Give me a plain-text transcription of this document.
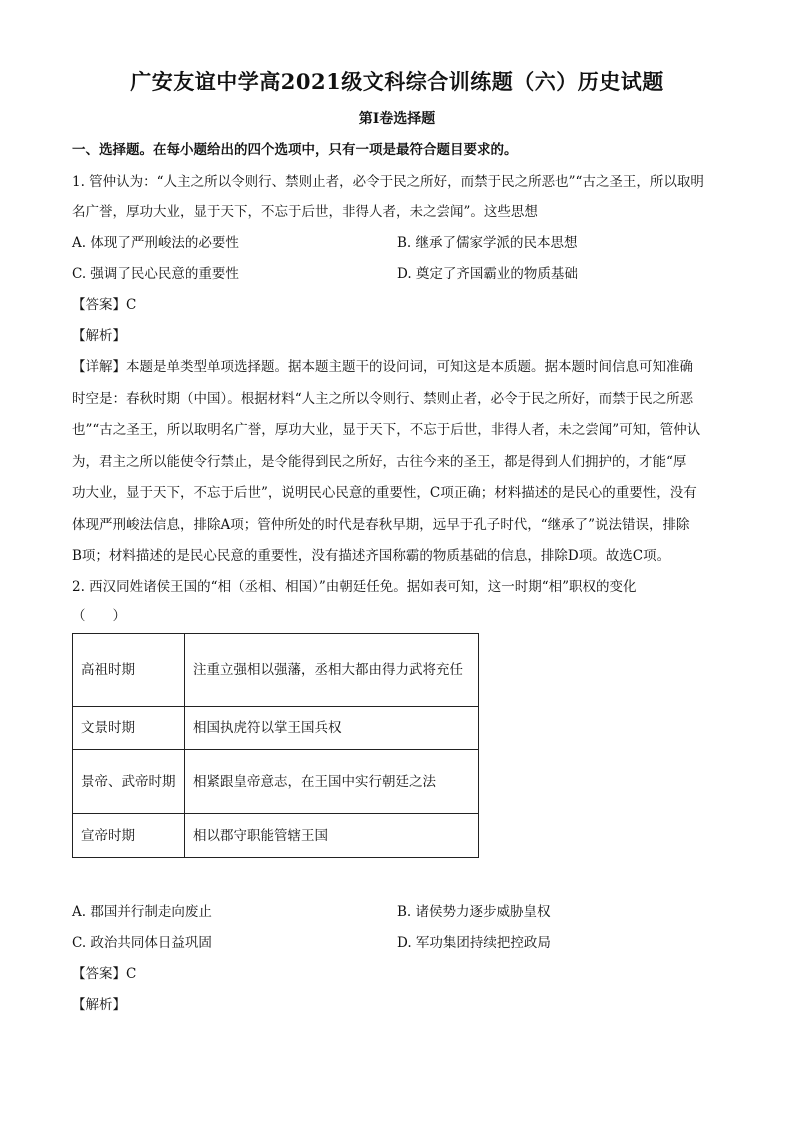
广安友谊中学高2021级文科综合训练题（六）历史试题
第Ⅰ卷选择题
一、选择题。在每小题给出的四个选项中，只有一项是最符合题目要求的。
1. 管仲认为：“人主之所以令则行、禁则止者，必令于民之所好，而禁于民之所恶也”“古之圣王，所以取明
名广誉，厚功大业，显于天下，不忘于后世，非得人者，未之尝闻”。这些思想
A. 体现了严刑峻法的必要性	B. 继承了儒家学派的民本思想
C. 强调了民心民意的重要性	D. 奠定了齐国霸业的物质基础
【答案】C
【解析】
【详解】本题是单类型单项选择题。据本题主题干的设问词，可知这是本质题。据本题时间信息可知准确
时空是：春秋时期（中国）。根据材料“人主之所以令则行、禁则止者，必令于民之所好，而禁于民之所恶
也”“古之圣王，所以取明名广誉，厚功大业，显于天下，不忘于后世，非得人者，未之尝闻”可知，管仲认
为，君主之所以能使令行禁止，是令能得到民之所好，古往今来的圣王，都是得到人们拥护的，才能“厚
功大业，显于天下，不忘于后世”，说明民心民意的重要性，C项正确；材料描述的是民心的重要性，没有
体现严刑峻法信息，排除A项；管仲所处的时代是春秋早期，远早于孔子时代，“继承了”说法错误，排除
B项；材料描述的是民心民意的重要性，没有描述齐国称霸的物质基础的信息，排除D项。故选C项。
2. 西汉同姓诸侯王国的“相（丞相、相国）”由朝廷任免。据如表可知，这一时期“相”职权的变化
（　　）
高祖时期	注重立强相以强藩，丞相大都由得力武将充任
文景时期	相国执虎符以掌王国兵权
景帝、武帝时期	相紧跟皇帝意志，在王国中实行朝廷之法
宣帝时期	相以郡守职能管辖王国
A. 郡国并行制走向废止	B. 诸侯势力逐步威胁皇权
C. 政治共同体日益巩固	D. 军功集团持续把控政局
【答案】C
【解析】
